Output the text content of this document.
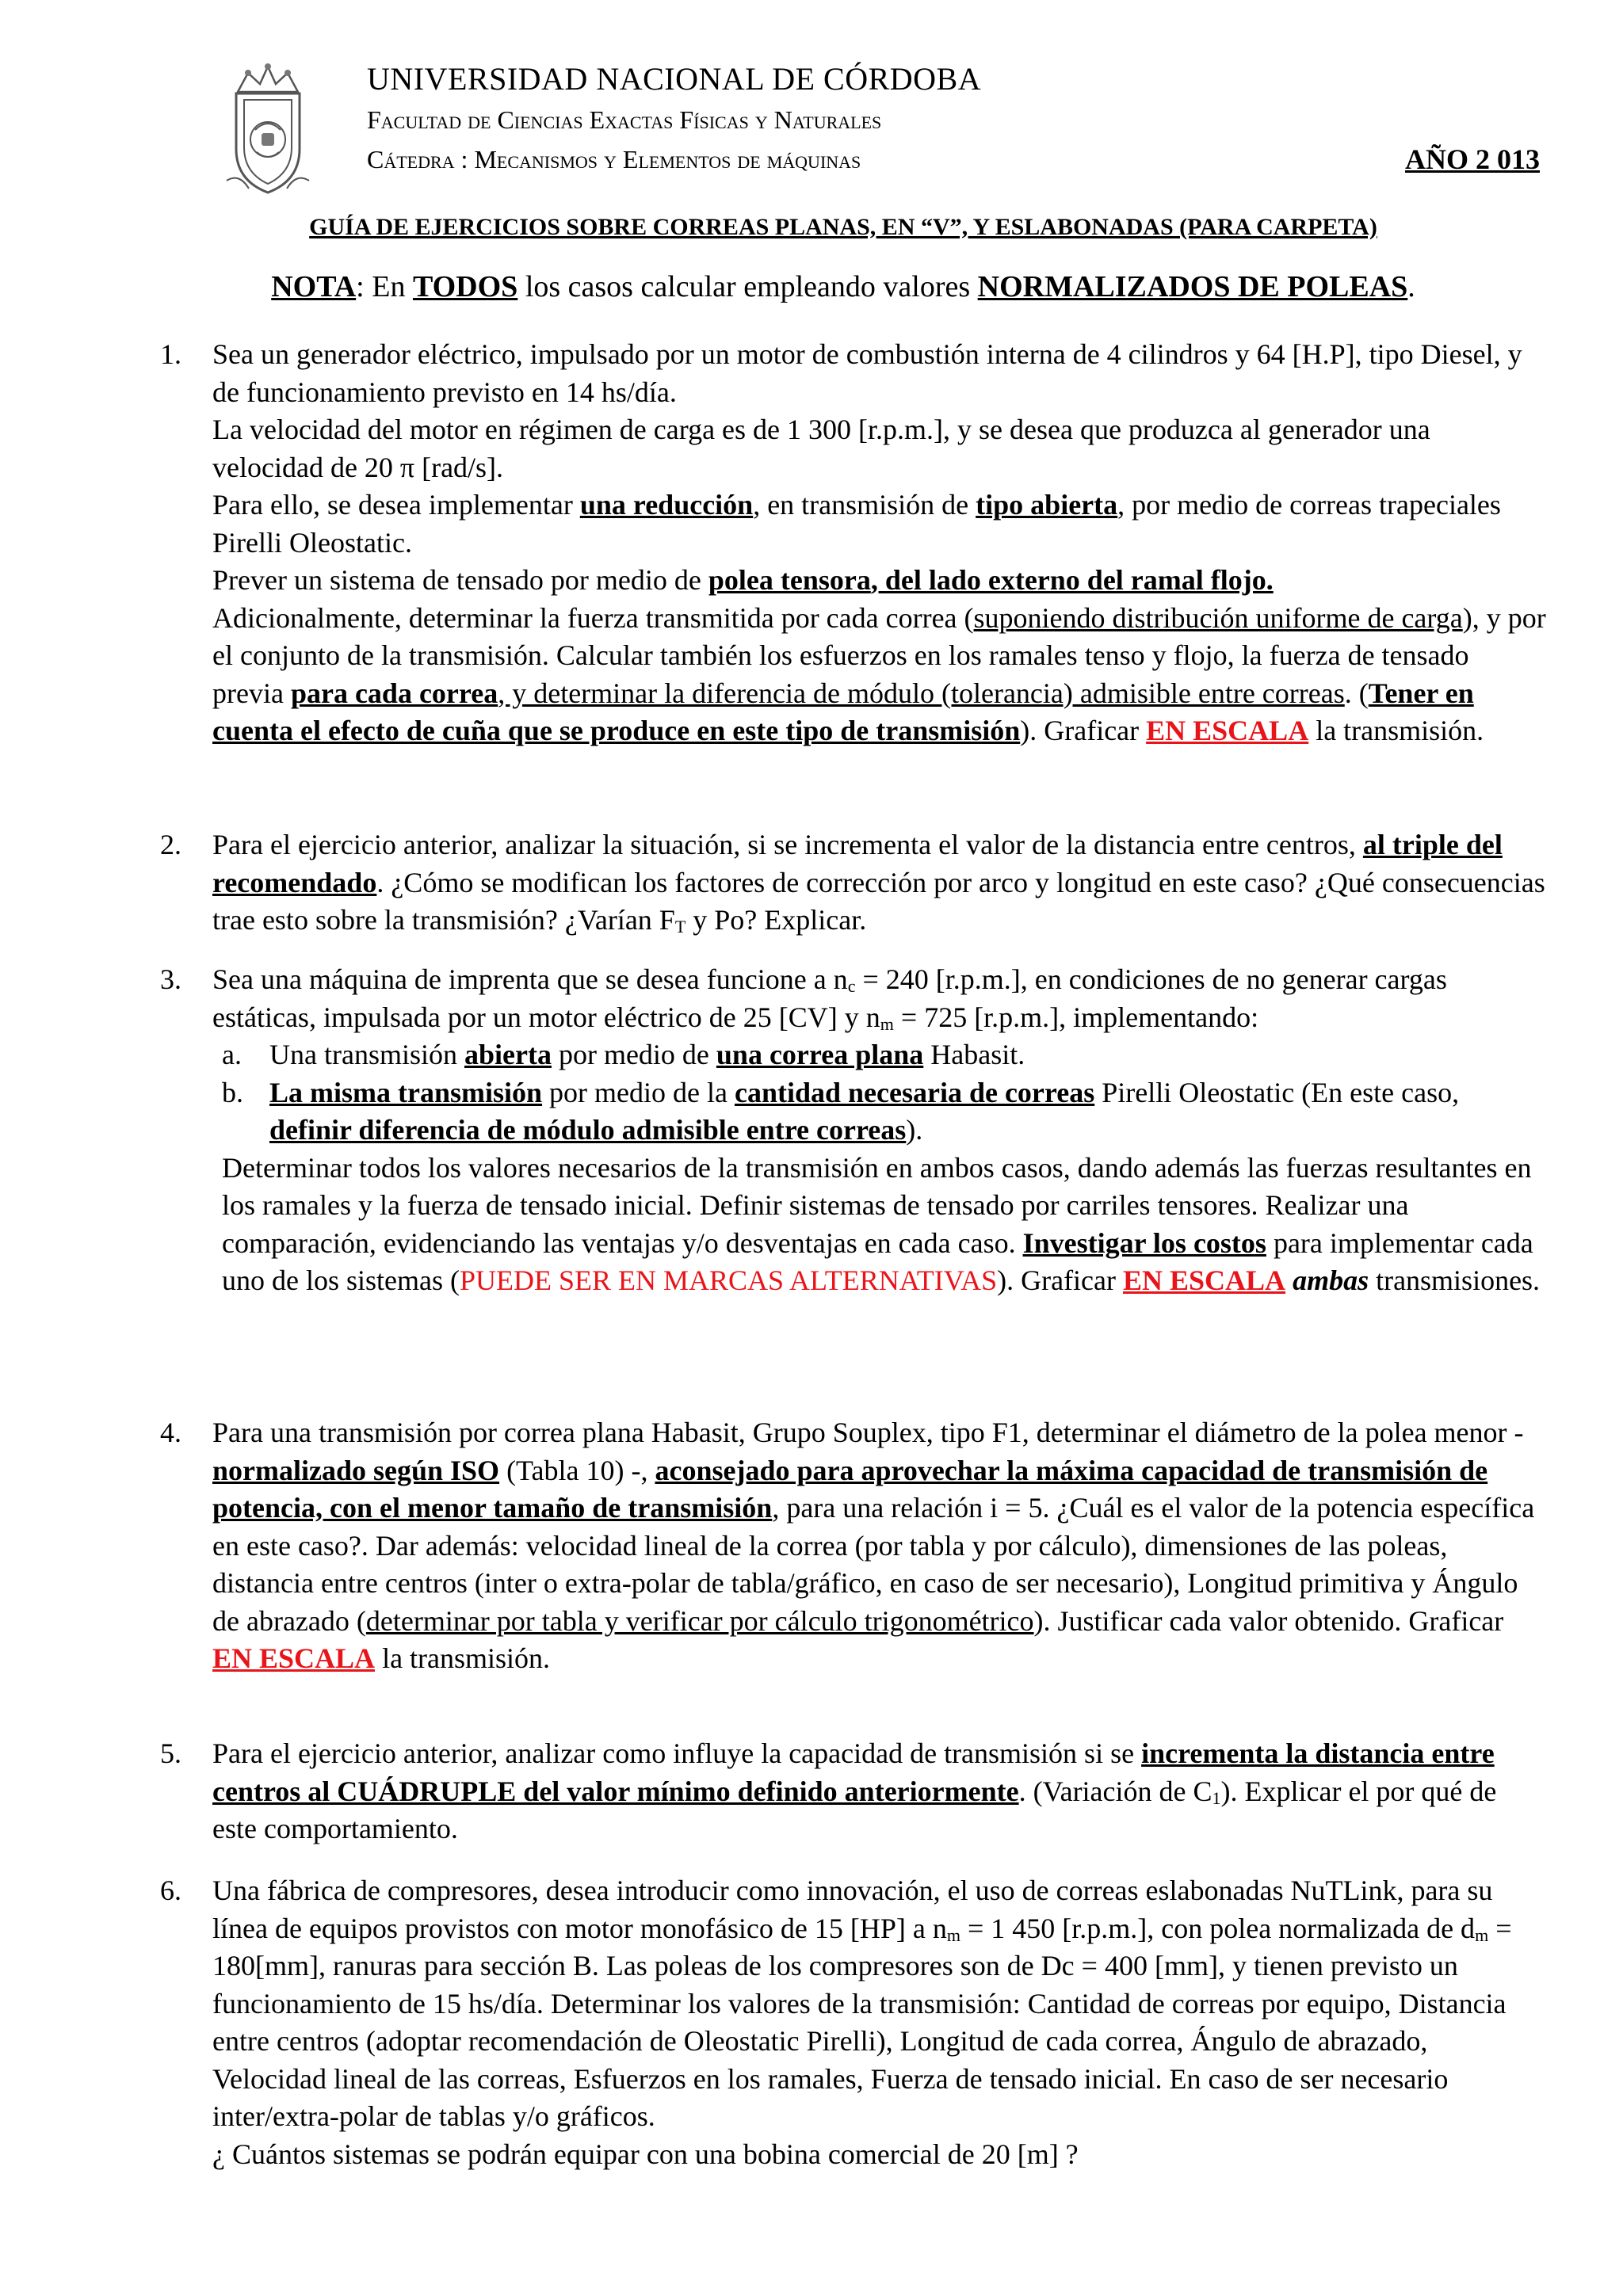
UNIVERSIDAD NACIONAL DE CÓRDOBA
Facultad de Ciencias Exactas Físicas y Naturales
Cátedra : Mecanismos y Elementos de máquinas	AÑO 2 013
GUÍA DE EJERCICIOS SOBRE CORREAS PLANAS, EN “V”, Y ESLABONADAS (PARA CARPETA)
NOTA: En TODOS los casos calcular empleando valores NORMALIZADOS DE POLEAS.
1.	Sea un generador eléctrico, impulsado por un motor de combustión interna de 4 cilindros y 64 [H.P], tipo Diesel, y de funcionamiento previsto en 14 hs/día.
La velocidad del motor en régimen de carga es de 1 300 [r.p.m.], y se desea que produzca al generador una velocidad de 20 π [rad/s].
Para ello, se desea implementar una reducción, en transmisión de tipo abierta, por medio de correas trapeciales Pirelli Oleostatic.
Prever un sistema de tensado por medio de polea tensora, del lado externo del ramal flojo.
Adicionalmente, determinar la fuerza transmitida por cada correa (suponiendo distribución uniforme de carga), y por el conjunto de la transmisión. Calcular también los esfuerzos en los ramales tenso y flojo, la fuerza de tensado previa para cada correa, y determinar la diferencia de módulo (tolerancia) admisible entre correas. (Tener en cuenta el efecto de cuña que se produce en este tipo de transmisión). Graficar EN ESCALA la transmisión.
2.	Para el ejercicio anterior, analizar la situación, si se incrementa el valor de la distancia entre centros, al triple del recomendado. ¿Cómo se modifican los factores de corrección por arco y longitud en este caso? ¿Qué consecuencias trae esto sobre la transmisión? ¿Varían $F_T$ y Po? Explicar.
3.	Sea una máquina de imprenta que se desea funcione a $n_c = 240$ [r.p.m.], en condiciones de no generar cargas estáticas, impulsada por un motor eléctrico de 25 [CV] y $n_m = 725$ [r.p.m.], implementando:
a. Una transmisión abierta por medio de una correa plana Habasit.
b. La misma transmisión por medio de la cantidad necesaria de correas Pirelli Oleostatic (En este caso, definir diferencia de módulo admisible entre correas).
Determinar todos los valores necesarios de la transmisión en ambos casos, dando además las fuerzas resultantes en los ramales y la fuerza de tensado inicial. Definir sistemas de tensado por carriles tensores. Realizar una comparación, evidenciando las ventajas y/o desventajas en cada caso. Investigar los costos para implementar cada uno de los sistemas (PUEDE SER EN MARCAS ALTERNATIVAS). Graficar EN ESCALA ambas transmisiones.
4.	Para una transmisión por correa plana Habasit, Grupo Souplex, tipo F1, determinar el diámetro de la polea menor - normalizado según ISO (Tabla 10) -, aconsejado para aprovechar la máxima capacidad de transmisión de potencia, con el menor tamaño de transmisión, para una relación i = 5. ¿Cuál es el valor de la potencia específica en este caso?. Dar además: velocidad lineal de la correa (por tabla y por cálculo), dimensiones de las poleas, distancia entre centros (inter o extra-polar de tabla/gráfico, en caso de ser necesario), Longitud primitiva y Ángulo de abrazado (determinar por tabla y verificar por cálculo trigonométrico). Justificar cada valor obtenido. Graficar EN ESCALA la transmisión.
5.	Para el ejercicio anterior, analizar como influye la capacidad de transmisión si se incrementa la distancia entre centros al CUÁDRUPLE del valor mínimo definido anteriormente. (Variación de $C_1$). Explicar el por qué de este comportamiento.
6.	Una fábrica de compresores, desea introducir como innovación, el uso de correas eslabonadas NuTLink, para su línea de equipos provistos con motor monofásico de 15 [HP] a $n_m = 1$ 450 [r.p.m.], con polea normalizada de $d_m = 180[mm]$, ranuras para sección B. Las poleas de los compresores son de Dc = 400 [mm], y tienen previsto un funcionamiento de 15 hs/día. Determinar los valores de la transmisión: Cantidad de correas por equipo, Distancia entre centros (adoptar recomendación de Oleostatic Pirelli), Longitud de cada correa, Ángulo de abrazado, Velocidad lineal de las correas, Esfuerzos en los ramales, Fuerza de tensado inicial. En caso de ser necesario inter/extra-polar de tablas y/o gráficos.
¿ Cuántos sistemas se podrán equipar con una bobina comercial de 20 [m] ?
